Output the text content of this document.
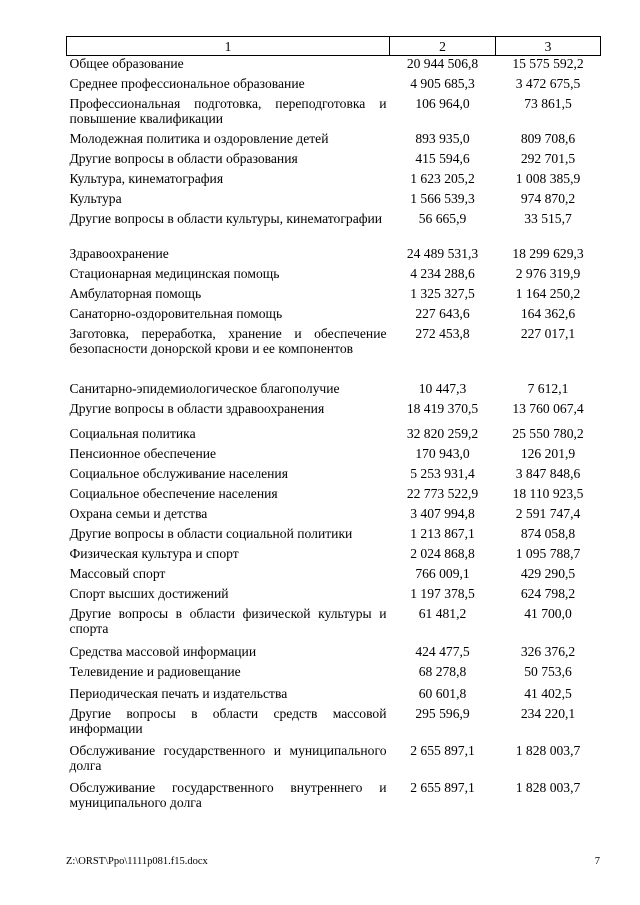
1	2	3
Общее образование	20 944 506,8	15 575 592,2
Среднее профессиональное образование	4 905 685,3	3 472 675,5
Профессиональная подготовка, переподготовка и повышение квалификации	106 964,0	73 861,5
Молодежная политика и оздоровление детей	893 935,0	809 708,6
Другие вопросы в области образования	415 594,6	292 701,5
Культура, кинематография	1 623 205,2	1 008 385,9
Культура	1 566 539,3	974 870,2
Другие вопросы в области культуры, кинематографии	56 665,9	33 515,7
Здравоохранение	24 489 531,3	18 299 629,3
Стационарная медицинская помощь	4 234 288,6	2 976 319,9
Амбулаторная помощь	1 325 327,5	1 164 250,2
Санаторно-оздоровительная помощь	227 643,6	164 362,6
Заготовка, переработка, хранение и обеспечение безопасности донорской крови и ее компонентов	272 453,8	227 017,1
Санитарно-эпидемиологическое благополучие	10 447,3	7 612,1
Другие вопросы в области здравоохранения	18 419 370,5	13 760 067,4
Социальная политика	32 820 259,2	25 550 780,2
Пенсионное обеспечение	170 943,0	126 201,9
Социальное обслуживание населения	5 253 931,4	3 847 848,6
Социальное обеспечение населения	22 773 522,9	18 110 923,5
Охрана семьи и детства	3 407 994,8	2 591 747,4
Другие вопросы в области социальной политики	1 213 867,1	874 058,8
Физическая культура и спорт	2 024 868,8	1 095 788,7
Массовый спорт	766 009,1	429 290,5
Спорт высших достижений	1 197 378,5	624 798,2
Другие вопросы в области физической культуры и спорта	61 481,2	41 700,0
Средства массовой информации	424 477,5	326 376,2
Телевидение и радиовещание	68 278,8	50 753,6
Периодическая печать и издательства	60 601,8	41 402,5
Другие вопросы в области средств массовой информации	295 596,9	234 220,1
Обслуживание государственного и муниципального долга	2 655 897,1	1 828 003,7
Обслуживание государственного внутреннего и муниципального долга	2 655 897,1	1 828 003,7
Z:\ORST\Ppo\1111p081.f15.docx	7
